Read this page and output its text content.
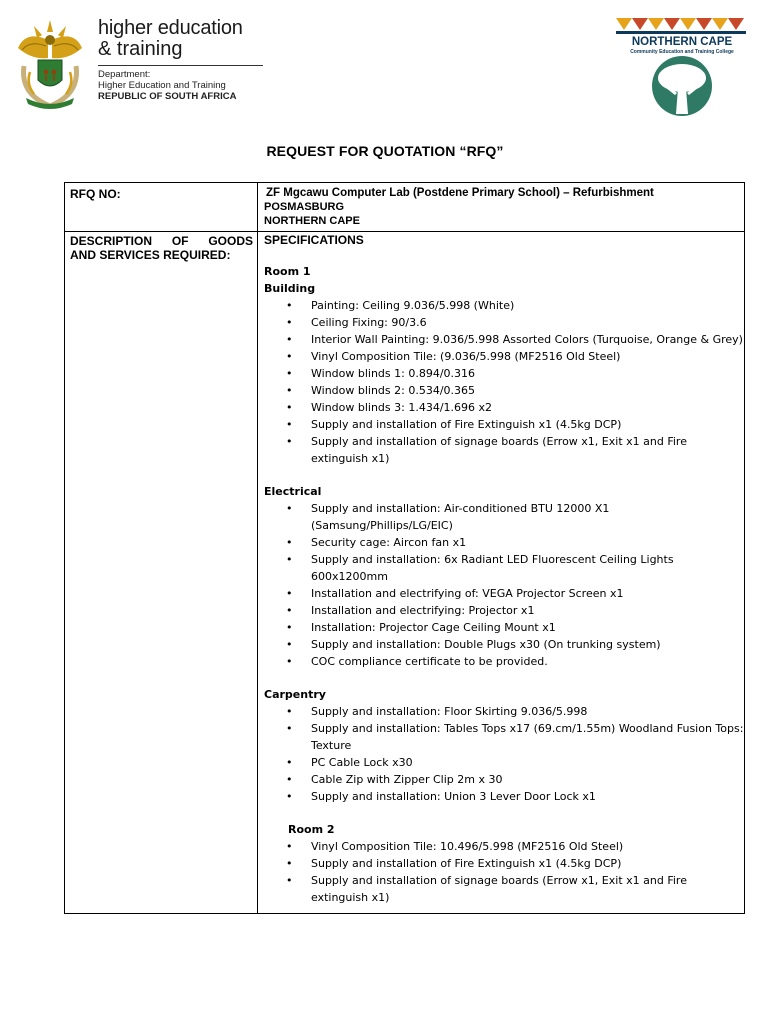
higher education
& training
Department:
Higher Education and Training
REPUBLIC OF SOUTH AFRICA
NORTHERN CAPE
Community Education and Training College
REQUEST FOR QUOTATION “RFQ”
RFQ NO:
DESCRIPTION OF GOODS
AND SERVICES REQUIRED:
ZF Mgcawu Computer Lab (Postdene Primary School) – Refurbishment
POSMASBURG
NORTHERN CAPE
SPECIFICATIONS
Room 1
Building
• Painting: Ceiling 9.036/5.998 (White)
• Ceiling Fixing: 90/3.6
• Interior Wall Painting: 9.036/5.998 Assorted Colors (Turquoise, Orange & Grey)
• Vinyl Composition Tile: (9.036/5.998 (MF2516 Old Steel)
• Window blinds 1: 0.894/0.316
• Window blinds 2: 0.534/0.365
• Window blinds 3: 1.434/1.696 x2
• Supply and installation of Fire Extinguish x1 (4.5kg DCP)
• Supply and installation of signage boards (Errow x1, Exit x1 and Fire extinguish x1)
Electrical
• Supply and installation: Air-conditioned BTU 12000 X1 (Samsung/Phillips/LG/EIC)
• Security cage: Aircon fan x1
• Supply and installation: 6x Radiant LED Fluorescent Ceiling Lights 600x1200mm
• Installation and electrifying of: VEGA Projector Screen x1
• Installation and electrifying: Projector x1
• Installation: Projector Cage Ceiling Mount x1
• Supply and installation: Double Plugs x30 (On trunking system)
• COC compliance certificate to be provided.
Carpentry
• Supply and installation: Floor Skirting 9.036/5.998
• Supply and installation: Tables Tops x17 (69.cm/1.55m) Woodland Fusion Tops: Texture
• PC Cable Lock x30
• Cable Zip with Zipper Clip 2m x 30
• Supply and installation: Union 3 Lever Door Lock x1
Room 2
• Vinyl Composition Tile: 10.496/5.998 (MF2516 Old Steel)
• Supply and installation of Fire Extinguish x1 (4.5kg DCP)
• Supply and installation of signage boards (Errow x1, Exit x1 and Fire extinguish x1)
